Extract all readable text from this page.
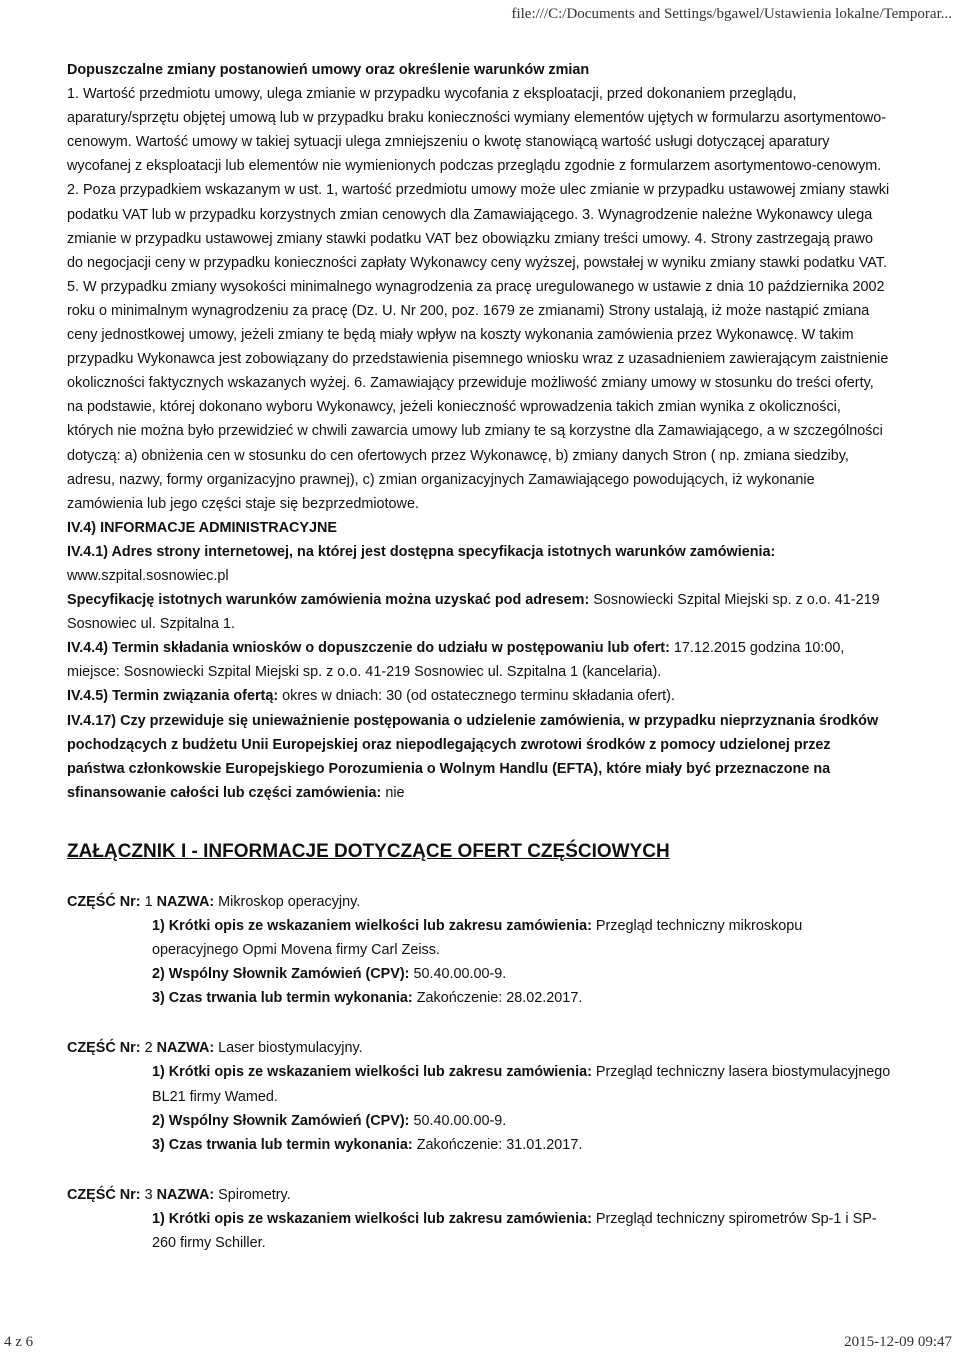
file:///C:/Documents and Settings/bgawel/Ustawienia lokalne/Temporar...

Dopuszczalne zmiany postanowień umowy oraz określenie warunków zmian

1. Wartość przedmiotu umowy, ulega zmianie w przypadku wycofania z eksploatacji, przed dokonaniem przeglądu, aparatury/sprzętu objętej umową lub w przypadku braku konieczności wymiany elementów ujętych w formularzu asortymentowo-cenowym. Wartość umowy w takiej sytuacji ulega zmniejszeniu o kwotę stanowiącą wartość usługi dotyczącej aparatury wycofanej z eksploatacji lub elementów nie wymienionych podczas przeglądu zgodnie z formularzem asortymentowo-cenowym. 2. Poza przypadkiem wskazanym w ust. 1, wartość przedmiotu umowy może ulec zmianie w przypadku ustawowej zmiany stawki podatku VAT lub w przypadku korzystnych zmian cenowych dla Zamawiającego. 3. Wynagrodzenie należne Wykonawcy ulega zmianie w przypadku ustawowej zmiany stawki podatku VAT bez obowiązku zmiany treści umowy. 4. Strony zastrzegają prawo do negocjacji ceny w przypadku konieczności zapłaty Wykonawcy ceny wyższej, powstałej w wyniku zmiany stawki podatku VAT. 5. W przypadku zmiany wysokości minimalnego wynagrodzenia za pracę uregulowanego w ustawie z dnia 10 października 2002 roku o minimalnym wynagrodzeniu za pracę (Dz. U. Nr 200, poz. 1679 ze zmianami) Strony ustalają, iż może nastąpić zmiana ceny jednostkowej umowy, jeżeli zmiany te będą miały wpływ na koszty wykonania zamówienia przez Wykonawcę. W takim przypadku Wykonawca jest zobowiązany do przedstawienia pisemnego wniosku wraz z uzasadnieniem zawierającym zaistnienie okoliczności faktycznych wskazanych wyżej. 6. Zamawiający przewiduje możliwość zmiany umowy w stosunku do treści oferty, na podstawie, której dokonano wyboru Wykonawcy, jeżeli konieczność wprowadzenia takich zmian wynika z okoliczności, których nie można było przewidzieć w chwili zawarcia umowy lub zmiany te są korzystne dla Zamawiającego, a w szczególności dotyczą: a) obniżenia cen w stosunku do cen ofertowych przez Wykonawcę, b) zmiany danych Stron ( np. zmiana siedziby, adresu, nazwy, formy organizacyjno prawnej), c) zmian organizacyjnych Zamawiającego powodujących, iż wykonanie zamówienia lub jego części staje się bezprzedmiotowe.

IV.4) INFORMACJE ADMINISTRACYJNE

IV.4.1) Adres strony internetowej, na której jest dostępna specyfikacja istotnych warunków zamówienia: www.szpital.sosnowiec.pl

Specyfikację istotnych warunków zamówienia można uzyskać pod adresem: Sosnowiecki Szpital Miejski sp. z o.o. 41-219 Sosnowiec ul. Szpitalna 1.

IV.4.4) Termin składania wniosków o dopuszczenie do udziału w postępowaniu lub ofert: 17.12.2015 godzina 10:00, miejsce: Sosnowiecki Szpital Miejski sp. z o.o. 41-219 Sosnowiec ul. Szpitalna 1 (kancelaria).

IV.4.5) Termin związania ofertą: okres w dniach: 30 (od ostatecznego terminu składania ofert).

IV.4.17) Czy przewiduje się unieważnienie postępowania o udzielenie zamówienia, w przypadku nieprzyznania środków pochodzących z budżetu Unii Europejskiej oraz niepodlegających zwrotowi środków z pomocy udzielonej przez państwa członkowskie Europejskiego Porozumienia o Wolnym Handlu (EFTA), które miały być przeznaczone na sfinansowanie całości lub części zamówienia: nie

ZAŁĄCZNIK I - INFORMACJE DOTYCZĄCE OFERT CZĘŚCIOWYCH

CZĘŚĆ Nr: 1 NAZWA: Mikroskop operacyjny.

1) Krótki opis ze wskazaniem wielkości lub zakresu zamówienia: Przegląd techniczny mikroskopu operacyjnego Opmi Movena firmy Carl Zeiss.

2) Wspólny Słownik Zamówień (CPV): 50.40.00.00-9.

3) Czas trwania lub termin wykonania: Zakończenie: 28.02.2017.

CZĘŚĆ Nr: 2 NAZWA: Laser biostymulacyjny.

1) Krótki opis ze wskazaniem wielkości lub zakresu zamówienia: Przegląd techniczny lasera biostymulacyjnego BL21 firmy Wamed.

2) Wspólny Słownik Zamówień (CPV): 50.40.00.00-9.

3) Czas trwania lub termin wykonania: Zakończenie: 31.01.2017.

CZĘŚĆ Nr: 3 NAZWA: Spirometry.

1) Krótki opis ze wskazaniem wielkości lub zakresu zamówienia: Przegląd techniczny spirometrów Sp-1 i SP-260 firmy Schiller.

4 z 6	2015-12-09 09:47
